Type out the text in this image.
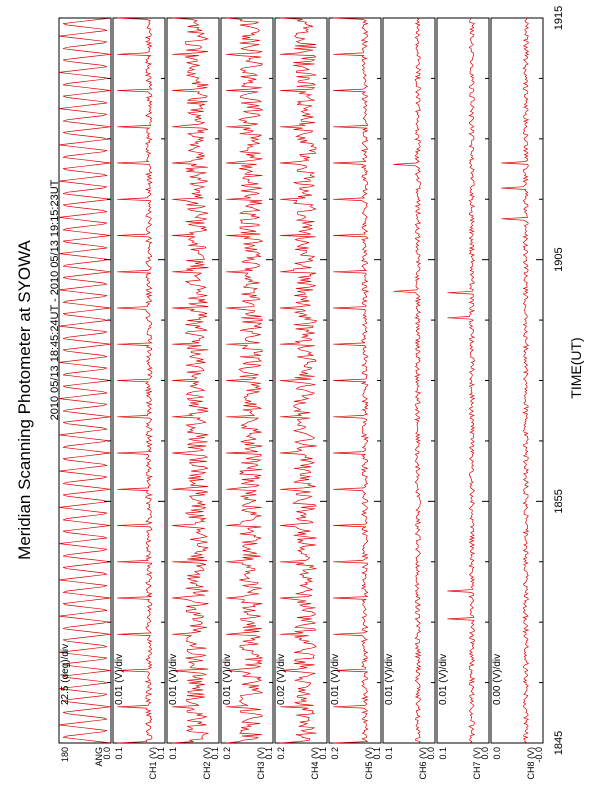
ANG
180	0.0
22.5 (deg)/div
CH1 (V)
0.1	0.1
0.01 (V)/div
CH2 (V)
0.1	0.1
0.01 (V)/div
CH3 (V)
0.2	0.1
0.01 (V)/div
CH4 (V)
0.2	0.1
0.02 (V)/div
CH5 (V)
0.2	0.1
0.01 (V)/div
CH6 (V)
0.1	0.0
0.01 (V)/div
CH7 (V)
0.1	0.0
0.01 (V)/div
CH8 (V)
0.0	-0.0
0.00 (V)/div
1845
1855
1905
1915
Meridian Scanning Photometer at SYOWA 2010 05/13 18:45:24UT - 2010 05/13 19:15:23UT	TIME(UT)
